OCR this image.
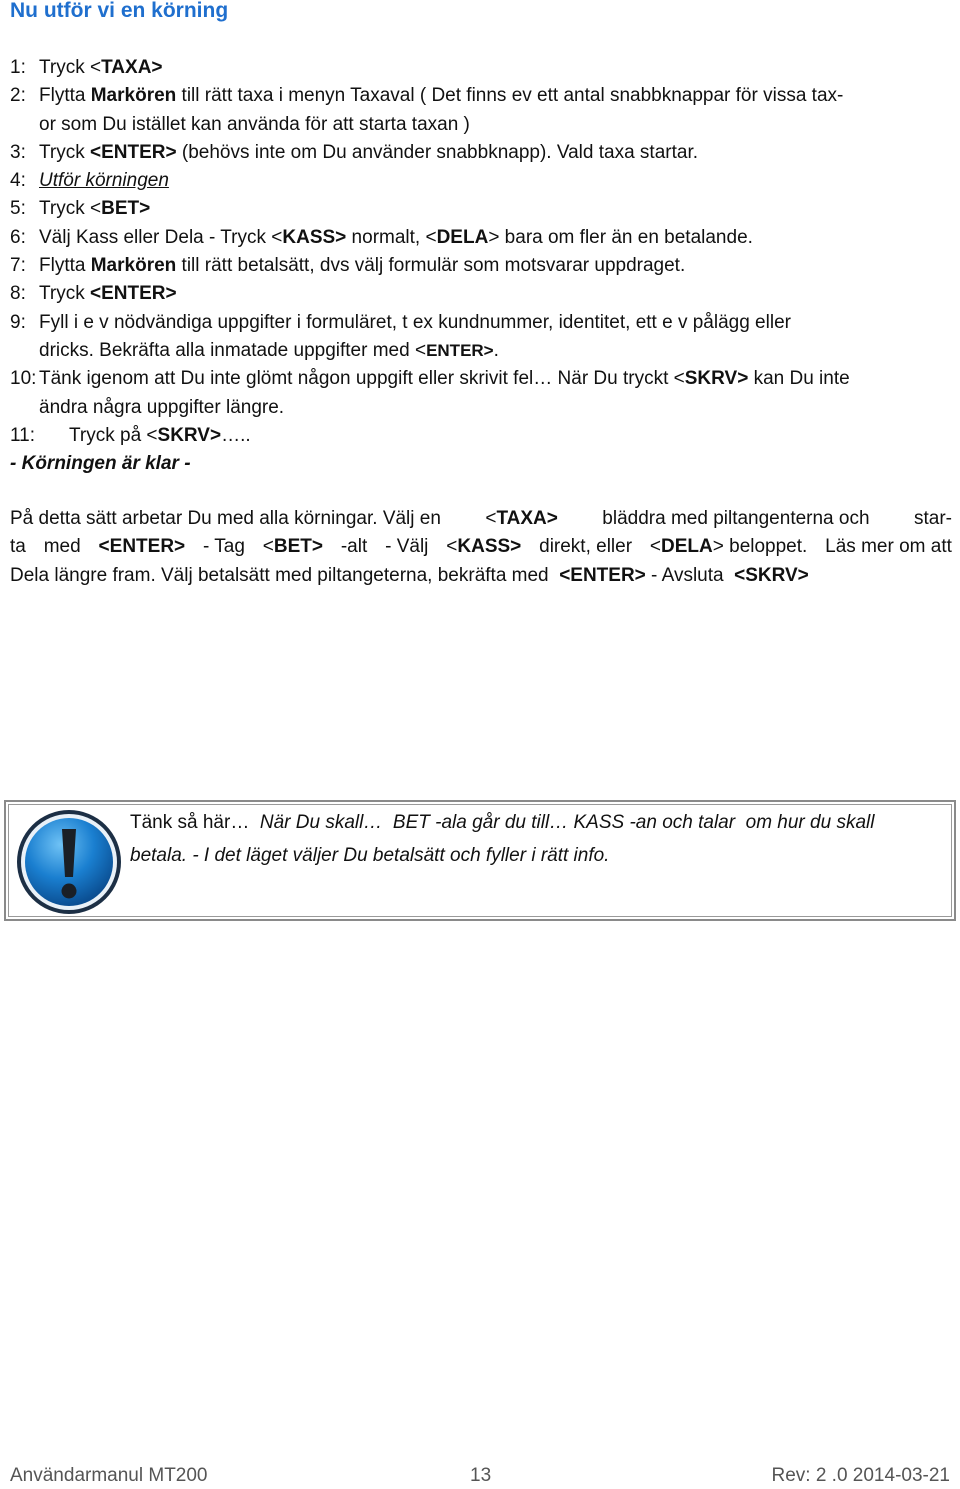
Nu utför vi en körning
1: Tryck <TAXA>
2: Flytta Markören till rätt taxa i menyn Taxaval ( Det finns ev ett antal snabbknappar för vissa tax-
or som Du istället kan använda för att starta taxan )
3: Tryck <ENTER> (behövs inte om Du använder snabbknapp). Vald taxa startar.
4: Utför körningen
5: Tryck <BET>
6: Välj Kass eller Dela - Tryck <KASS> normalt, <DELA> bara om fler än en betalande.
7: Flytta Markören till rätt betalsätt, dvs välj formulär som motsvarar uppdraget.
8: Tryck <ENTER>
9: Fyll i e v nödvändiga uppgifter i formuläret, t ex kundnummer, identitet, ett e v pålägg eller
dricks. Bekräfta alla inmatade uppgifter med <ENTER>.
10: Tänk igenom att Du inte glömt någon uppgift eller skrivit fel… När Du tryckt <SKRV> kan Du inte
ändra några uppgifter längre.
11:	Tryck på <SKRV>…..
- Körningen är klar -
På detta sätt arbetar Du med alla körningar. Välj en <TAXA> bläddra med piltangenterna och star-
ta med <ENTER> - Tag <BET> -alt - Välj <KASS> direkt, eller <DELA> beloppet. Läs mer om att
Dela längre fram. Välj betalsätt med piltangeterna, bekräfta med <ENTER> - Avsluta <SKRV>
Tänk så här…  När Du skall…  BET -ala går du till… KASS -an och talar  om hur du skall
betala. - I det läget väljer Du betalsätt och fyller i rätt info.
Användarmanul MT200	13	Rev: 2 .0 2014-03-21
